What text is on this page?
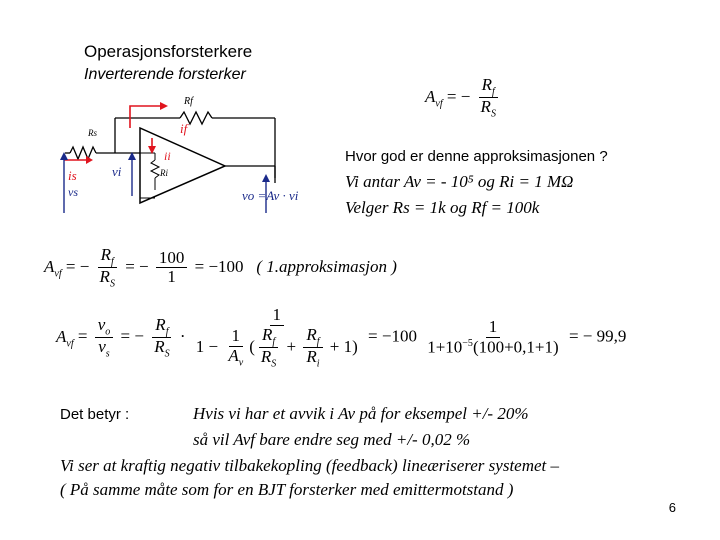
Operasjonsforsterkere
Inverterende forsterker
Rf
if
Rs
ii
Ri
is	vi
vs	vo =Av · vi
−
$A_{vf}$ = − $\frac{R_f}{R_S}$
Hvor god er denne approksimasjonen ?
Vi antar Av = - 10⁵ og Ri = 1 MΩ
Velger Rs = 1k og Rf = 100k
$A_{vf}$ = − $\frac{R_f}{R_S}$ = − $\frac{100}{1} = -100$ ( 1.approksimasjon )
$A_{vf} = \frac{v_o}{v_s}$ = − $\frac{R_f}{R_S} \cdot \frac{1}{1 - \frac{1}{A_v} ( \frac{R_f}{R_S} + \frac{R_f}{R_i} + 1)} = -100 \frac{1}{1+10^{-5}(100+0,1+1)}$ = − 99,9
Det betyr :	Hvis vi har et avvik i Av på for eksempel +/- 20%
så vil Avf bare endre seg med +/- 0,02 %
Vi ser at kraftig negativ tilbakekopling (feedback) lineæriserer systemet –
( På samme måte som for en BJT forsterker med emittermotstand )
6
